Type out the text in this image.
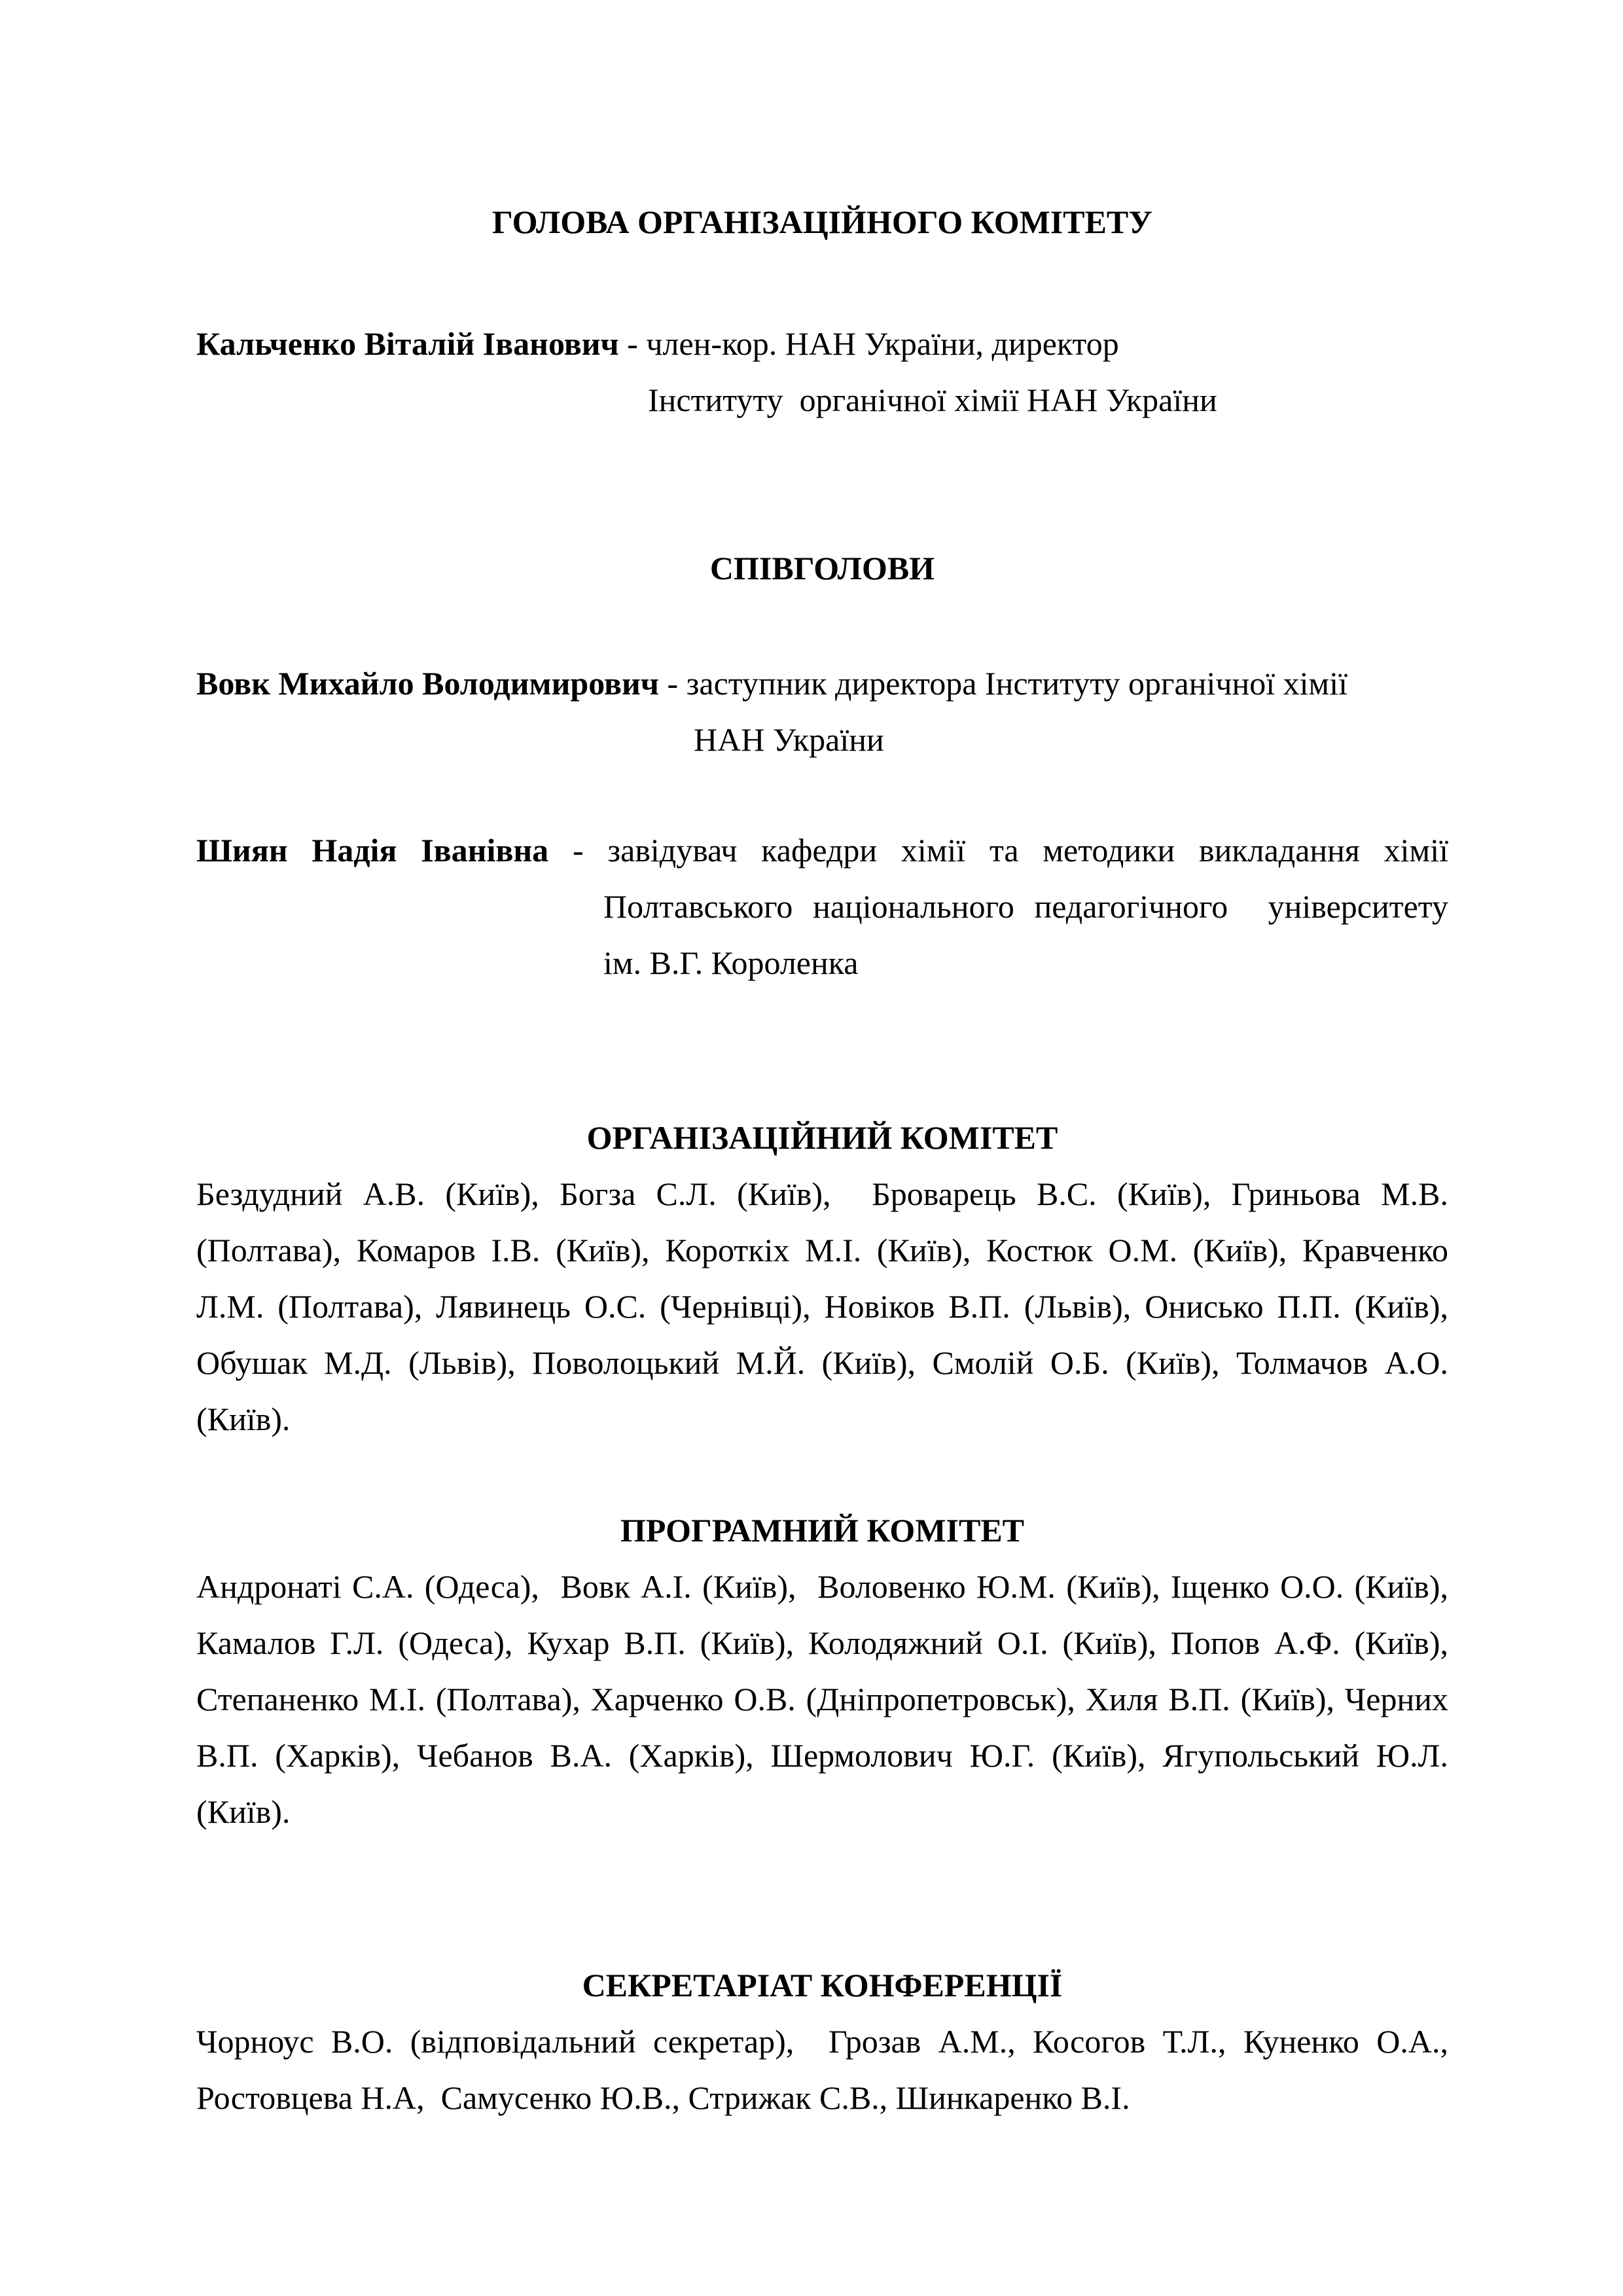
ГОЛОВА ОРГАНІЗАЦІЙНОГО КОМІТЕТУ
Кальченко Віталій Іванович - член-кор. НАН України, директор
Інституту  органічної хімії НАН України
СПІВГОЛОВИ
Вовк Михайло Володимирович - заступник директора Інституту органічної хімії
НАН України
Шиян Надія Іванівна - завідувач кафедри хімії та методики викладання хімії
Полтавського національного педагогічного  університету
ім. В.Г. Короленка
ОРГАНІЗАЦІЙНИЙ КОМІТЕТ

Бездудний А.В. (Київ), Богза С.Л. (Київ),  Броварець В.С. (Київ), Гриньова М.В. (Полтава), Комаров І.В. (Київ), Короткіх М.І. (Київ), Костюк О.М. (Київ), Кравченко Л.М. (Полтава), Лявинець О.С. (Чернівці), Новіков В.П. (Львів), Онисько П.П. (Київ), Обушак М.Д. (Львів), Поволоцький М.Й. (Київ), Смолій О.Б. (Київ), Толмачов А.О. (Київ).

ПРОГРАМНИЙ КОМІТЕТ

Андронаті С.А. (Одеса),  Вовк А.І. (Київ),  Воловенко Ю.М. (Київ), Іщенко О.О. (Київ), Камалов Г.Л. (Одеса), Кухар В.П. (Київ), Колодяжний О.І. (Київ), Попов А.Ф. (Київ), Степаненко М.І. (Полтава), Харченко О.В. (Дніпропетровськ), Хиля В.П. (Київ), Черних В.П. (Харків), Чебанов В.А. (Харків), Шермолович Ю.Г. (Київ), Ягупольський Ю.Л. (Київ).

СЕКРЕТАРІАТ КОНФЕРЕНЦІЇ

Чорноус В.О. (відповідальний секретар),  Грозав А.М., Косогов Т.Л., Куненко О.А., Ростовцева Н.А,  Самусенко Ю.В., Стрижак С.В., Шинкаренко В.І.
